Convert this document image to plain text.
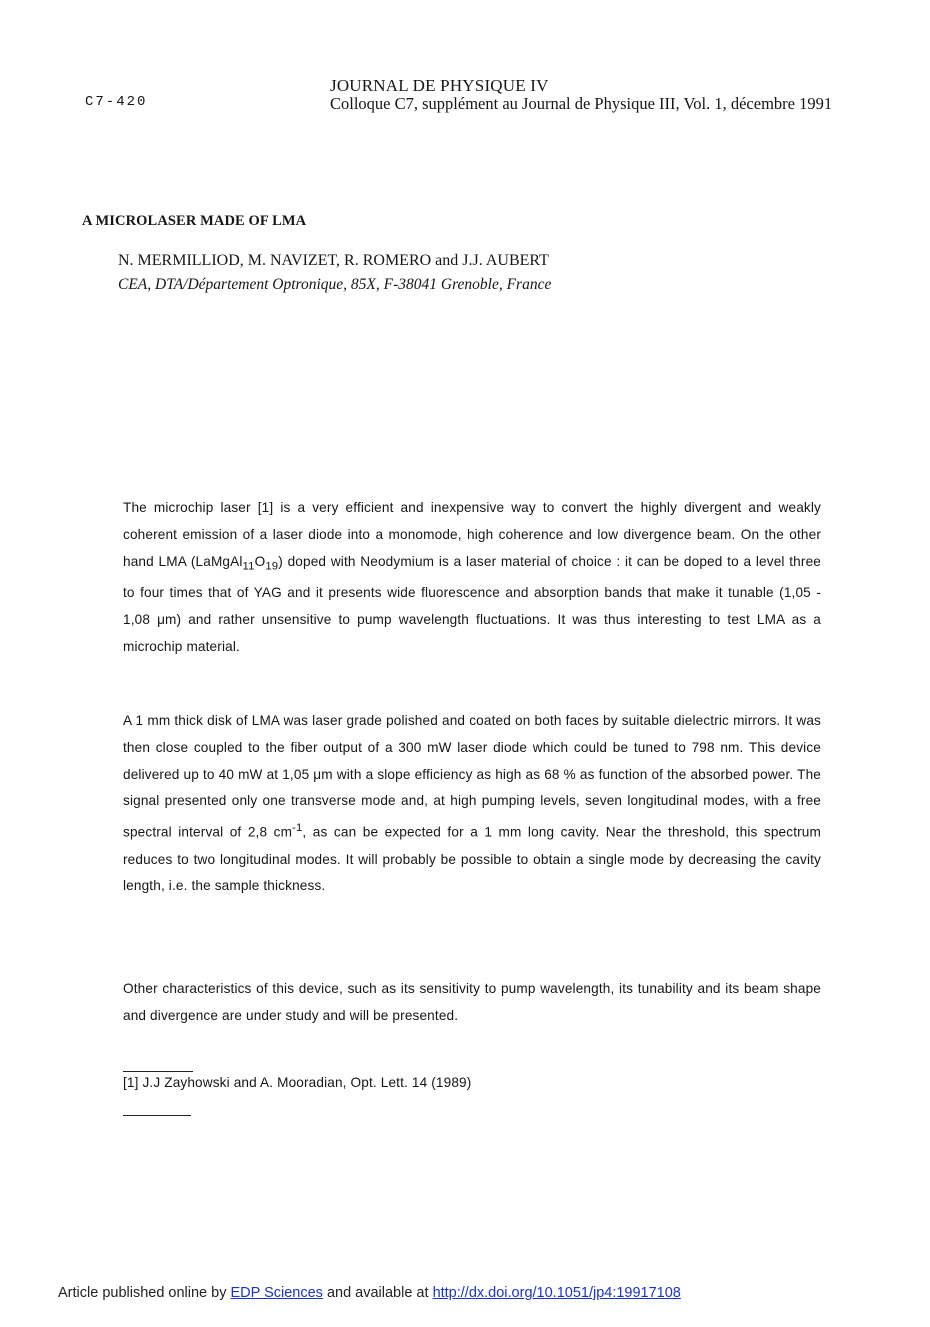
C7-420
JOURNAL DE PHYSIQUE IV
Colloque C7, supplément au Journal de Physique III, Vol. 1, décembre 1991
A MICROLASER MADE OF LMA
N. MERMILLIOD, M. NAVIZET, R. ROMERO and J.J. AUBERT
CEA, DTA/Département Optronique, 85X, F-38041 Grenoble, France

The microchip laser [1] is a very efficient and inexpensive way to convert the highly divergent and weakly coherent emission of a laser diode into a monomode, high coherence and low divergence beam. On the other hand LMA $(LaMgAl_{11}O_{19})$ doped with Neodymium is a laser material of choice : it can be doped to a level three to four times that of YAG and it presents wide fluorescence and absorption bands that make it tunable (1,05 - 1,08 μm) and rather unsensitive to pump wavelength fluctuations. It was thus interesting to test LMA as a microchip material.

A 1 mm thick disk of LMA was laser grade polished and coated on both faces by suitable dielectric mirrors. It was then close coupled to the fiber output of a 300 mW laser diode which could be tuned to 798 nm. This device delivered up to 40 mW at 1,05 μm with a slope efficiency as high as 68 % as function of the absorbed power. The signal presented only one transverse mode and, at high pumping levels, seven longitudinal modes, with a free spectral interval of 2,8 $cm^{-1}$, as can be expected for a 1 mm long cavity. Near the threshold, this spectrum reduces to two longitudinal modes. It will probably be possible to obtain a single mode by decreasing the cavity length, i.e. the sample thickness.

Other characteristics of this device, such as its sensitivity to pump wavelength, its tunability and its beam shape and divergence are under study and will be presented.

[1] J.J Zayhowski and A. Mooradian, Opt. Lett. 14 (1989)
Article published online by EDP Sciences and available at http://dx.doi.org/10.1051/jp4:19917108
